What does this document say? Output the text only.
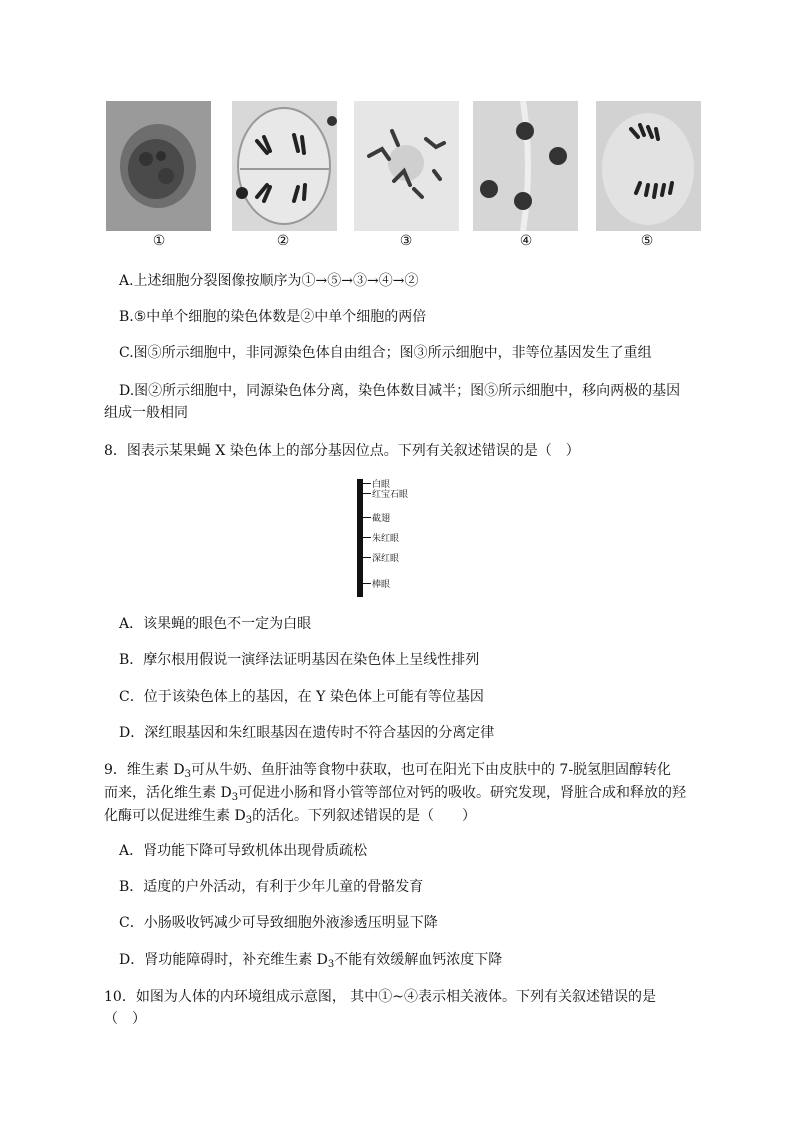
①	②	③	④	⑤
A.上述细胞分裂图像按顺序为①→⑤→③→④→②
B.⑤中单个细胞的染色体数是②中单个细胞的两倍
C.图⑤所示细胞中，非同源染色体自由组合；图③所示细胞中，非等位基因发生了重组
D.图②所示细胞中，同源染色体分离，染色体数目减半；图⑤所示细胞中，移向两极的基因
组成一般相同
8．图表示某果蝇 X 染色体上的部分基因位点。下列有关叙述错误的是（　）
白眼
红宝石眼
截翅
朱红眼
深红眼
棒眼
A．该果蝇的眼色不一定为白眼
B．摩尔根用假说一演绎法证明基因在染色体上呈线性排列
C．位于该染色体上的基因，在 Y 染色体上可能有等位基因
D．深红眼基因和朱红眼基因在遗传时不符合基因的分离定律
9．维生素 $D_3$可从牛奶、鱼肝油等食物中获取，也可在阳光下由皮肤中的 7-脱氢胆固醇转化
而来，活化维生素 $D_3$可促进小肠和肾小管等部位对钙的吸收。研究发现，肾脏合成和释放的羟
化酶可以促进维生素 $D_3$的活化。下列叙述错误的是（　　）
A．肾功能下降可导致机体出现骨质疏松
B．适度的户外活动，有利于少年儿童的骨骼发育
C．小肠吸收钙减少可导致细胞外液渗透压明显下降
D．肾功能障碍时，补充维生素 $D_3$不能有效缓解血钙浓度下降
10．如图为人体的内环境组成示意图， 其中①~④表示相关液体。下列有关叙述错误的是
（　）
